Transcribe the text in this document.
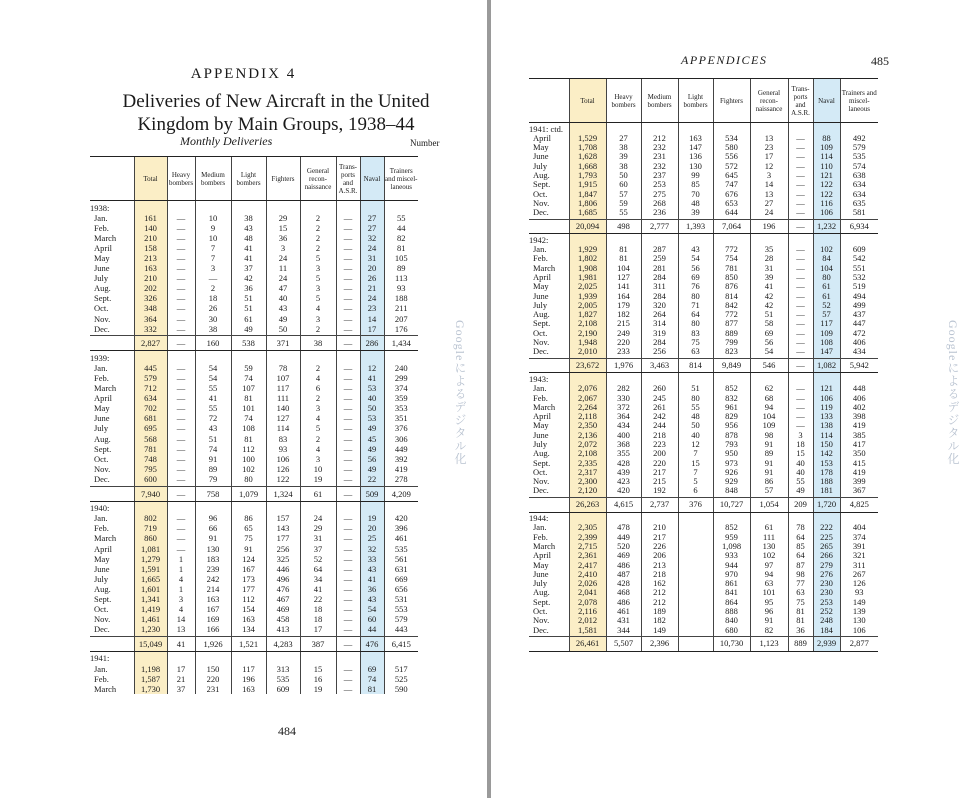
APPENDIX 4
Deliveries of New Aircraft in the United
Kingdom by Main Groups, 1938–44
Monthly Deliveries	Number
	Total	Heavy bombers	Medium bombers	Light bombers	Fighters	General recon-naissance	Trans-ports and A.S.R.	Naval	Trainers and miscel-laneous

1938:									
Jan.	161	—	10	38	29	2	—	27	55
Feb.	140	—	9	43	15	2	—	27	44
March	210	—	10	48	36	2	—	32	82
April	158	—	7	41	3	2	—	24	81
May	213	—	7	41	24	5	—	31	105
June	163	—	3	37	11	3	—	20	89
July	210	—	—	42	24	5	—	26	113
Aug.	202	—	2	36	47	3	—	21	93
Sept.	326	—	18	51	40	5	—	24	188
Oct.	348	—	26	51	43	4	—	23	211
Nov.	364	—	30	61	49	3	—	14	207
Dec.	332	—	38	49	50	2	—	17	176

	2,827	—	160	538	371	38	—	286	1,434

1939:									
Jan.	445	—	54	59	78	2	—	12	240
Feb.	579	—	54	74	107	4	—	41	299
March	712	—	55	107	117	6	—	53	374
April	634	—	41	81	111	2	—	40	359
May	702	—	55	101	140	3	—	50	353
June	681	—	72	74	127	4	—	53	351
July	695	—	43	108	114	5	—	49	376
Aug.	568	—	51	81	83	2	—	45	306
Sept.	781	—	74	112	93	4	—	49	449
Oct.	748	—	91	100	106	3	—	56	392
Nov.	795	—	89	102	126	10	—	49	419
Dec.	600	—	79	80	122	19	—	22	278

	7,940	—	758	1,079	1,324	61	—	509	4,209

1940:									
Jan.	802	—	96	86	157	24	—	19	420
Feb.	719	—	66	65	143	29	—	20	396
March	860	—	91	75	177	31	—	25	461
April	1,081	—	130	91	256	37	—	32	535
May	1,279	1	183	124	325	52	—	33	561
June	1,591	1	239	167	446	64	—	43	631
July	1,665	4	242	173	496	34	—	41	669
Aug.	1,601	1	214	177	476	41	—	36	656
Sept.	1,341	3	163	112	467	22	—	43	531
Oct.	1,419	4	167	154	469	18	—	54	553
Nov.	1,461	14	169	163	458	18	—	60	579
Dec.	1,230	13	166	134	413	17	—	44	443

	15,049	41	1,926	1,521	4,283	387	—	476	6,415

1941:									
Jan.	1,198	17	150	117	313	15	—	69	517
Feb.	1,587	21	220	196	535	16	—	74	525
March	1,730	37	231	163	609	19	—	81	590
Googleによるデジタル化
484
APPENDICES	485
	Total	Heavy bombers	Medium bombers	Light bombers	Fighters	General recon-naissance	Trans-ports and A.S.R.	Naval	Trainers and miscel-laneous

1941: ctd.									
April	1,529	27	212	163	534	13	—	88	492
May	1,708	38	232	147	580	23	—	109	579
June	1,628	39	231	136	556	17	—	114	535
July	1,668	38	232	130	572	12	—	110	574
Aug.	1,793	50	237	99	645	3	—	121	638
Sept.	1,915	60	253	85	747	14	—	122	634
Oct.	1,847	57	275	70	676	13	—	122	634
Nov.	1,806	59	268	48	653	27	—	116	635
Dec.	1,685	55	236	39	644	24	—	106	581

	20,094	498	2,777	1,393	7,064	196	—	1,232	6,934

1942:									
Jan.	1,929	81	287	43	772	35	—	102	609
Feb.	1,802	81	259	54	754	28	—	84	542
March	1,908	104	281	56	781	31	—	104	551
April	1,981	127	284	69	850	39	—	80	532
May	2,025	141	311	76	876	41	—	61	519
June	1,939	164	284	80	814	42	—	61	494
July	2,005	179	320	71	842	42	—	52	499
Aug.	1,827	182	264	64	772	51	—	57	437
Sept.	2,108	215	314	80	877	58	—	117	447
Oct.	2,190	249	319	83	889	69	—	109	472
Nov.	1,948	220	284	75	799	56	—	108	406
Dec.	2,010	233	256	63	823	54	—	147	434

	23,672	1,976	3,463	814	9,849	546	—	1,082	5,942

1943:									
Jan.	2,076	282	260	51	852	62	—	121	448
Feb.	2,067	330	245	80	832	68	—	106	406
March	2,264	372	261	55	961	94	—	119	402
April	2,118	364	242	48	829	104	—	133	398
May	2,350	434	244	50	956	109	—	138	419
June	2,136	400	218	40	878	98	3	114	385
July	2,072	368	223	12	793	91	18	150	417
Aug.	2,108	355	200	7	950	89	15	142	350
Sept.	2,335	428	220	15	973	91	40	153	415
Oct.	2,317	439	217	7	926	91	40	178	419
Nov.	2,300	423	215	5	929	86	55	188	399
Dec.	2,120	420	192	6	848	57	49	181	367

	26,263	4,615	2,737	376	10,727	1,054	209	1,720	4,825

1944:									
Jan.	2,305	478	210		852	61	78	222	404
Feb.	2,399	449	217		959	111	64	225	374
March	2,715	520	226		1,098	130	85	265	391
April	2,361	469	206		933	102	64	266	321
May	2,417	486	213		944	97	87	279	311
June	2,410	487	218		970	94	98	276	267
July	2,026	428	162		861	63	77	230	126
Aug.	2,041	468	212		841	101	63	230	93
Sept.	2,078	486	212		864	95	75	253	149
Oct.	2,116	461	189		888	96	81	252	139
Nov.	2,012	431	182		840	91	81	248	130
Dec.	1,581	344	149		680	82	36	184	106

	26,461	5,507	2,396		10,730	1,123	889	2,939	2,877
Googleによるデジタル化
